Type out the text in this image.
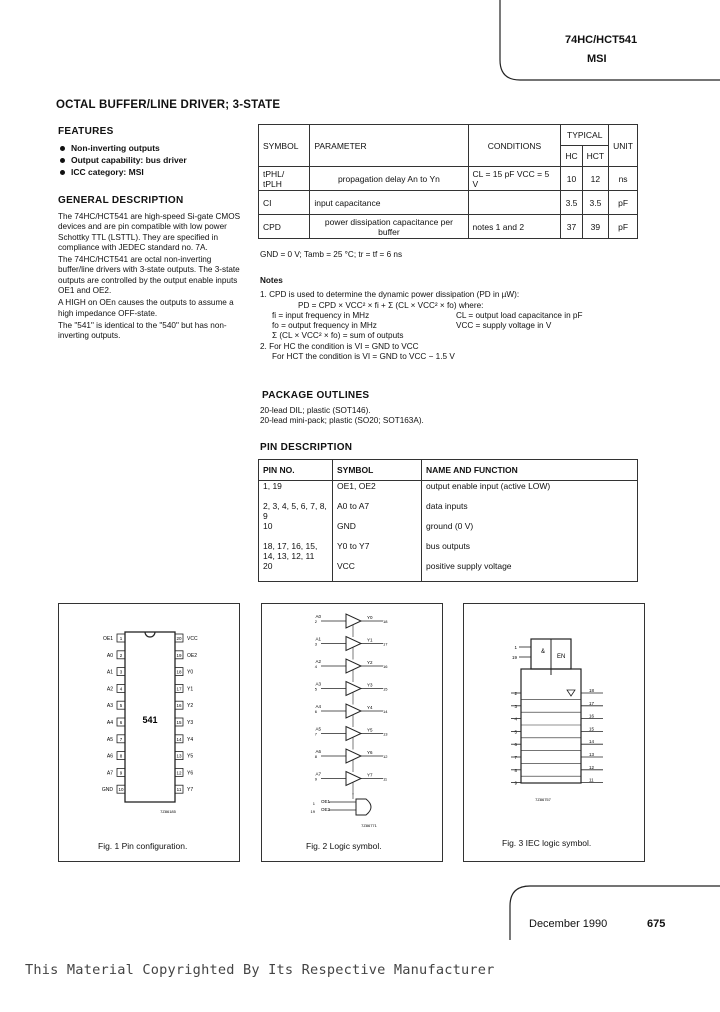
74HC/HCT541
MSI
OCTAL BUFFER/LINE DRIVER; 3-STATE
FEATURES
Non-inverting outputs
Output capability: bus driver
ICC category: MSI
GENERAL DESCRIPTION

The 74HC/HCT541 are high-speed Si-gate CMOS devices and are pin compatible with low power Schottky TTL (LSTTL). They are specified in compliance with JEDEC standard no. 7A.

The 74HC/HCT541 are octal non-inverting buffer/line drivers with 3-state outputs. The 3-state outputs are controlled by the output enable inputs OE1 and OE2.

A HIGH on OEn causes the outputs to assume a high impedance OFF-state.

The "541" is identical to the "540" but has non-inverting outputs.

SYMBOL	PARAMETER	CONDITIONS	TYPICAL		UNIT
			HC	HCT	
tPHL/ tPLH	propagation delay An to Yn	CL = 15 pF VCC = 5 V	10	12	ns
CI	input capacitance		3.5	3.5	pF
CPD	power dissipation capacitance per buffer	notes 1 and 2	37	39	pF
GND = 0 V; Tamb = 25 °C; tr = tf = 6 ns
Notes
1. CPD is used to determine the dynamic power dissipation (PD in µW):
PD = CPD × VCC² × fi + Σ (CL × VCC² × fo) where:
fi = input frequency in MHz	CL = output load capacitance in pF
fo = output frequency in MHz	VCC = supply voltage in V
Σ (CL × VCC² × fo) = sum of outputs
2. For HC the condition is VI = GND to VCC
For HCT the condition is VI = GND to VCC − 1.5 V
PACKAGE OUTLINES
20-lead DIL; plastic (SOT146).
20-lead mini-pack; plastic (SO20; SOT163A).
PIN DESCRIPTION
PIN NO.	SYMBOL	NAME AND FUNCTION
1, 19	OE1, OE2	output enable input (active LOW)
2, 3, 4, 5, 6, 7, 8, 9	A0 to A7	data inputs
10	GND	ground (0 V)
18, 17, 16, 15, 14, 13, 12, 11	Y0 to Y7	bus outputs
20	VCC	positive supply voltage
541
7Z86185
1
OE1
2
A0
3
A1
4
A2
5
A3
6
A4
7
A5
8
A6
9
A7
10
GND
20 VCC
19 OE2
18 Y0
17 Y1
16 Y2
15 Y3
14 Y4
13 Y5
12 Y6
11 Y7
Fig. 1 Pin configuration.
7Z86771
A0
2
Y0
18
A1
3
Y1
17
A2
4
Y2
16
A3
5
Y3
15
A4
6
Y4
14
A5
7
Y5
13
A6
8
Y6
12
A7
9
Y7
11
OE1
1
OE2
19
Fig. 2 Logic symbol.
&
EN
7Z86757
1
19
2
3
4
5
6
7
8
9
18
17
16
15
14
13
12
11
Fig. 3 IEC logic symbol.
December 1990	675
This Material Copyrighted By Its Respective Manufacturer
